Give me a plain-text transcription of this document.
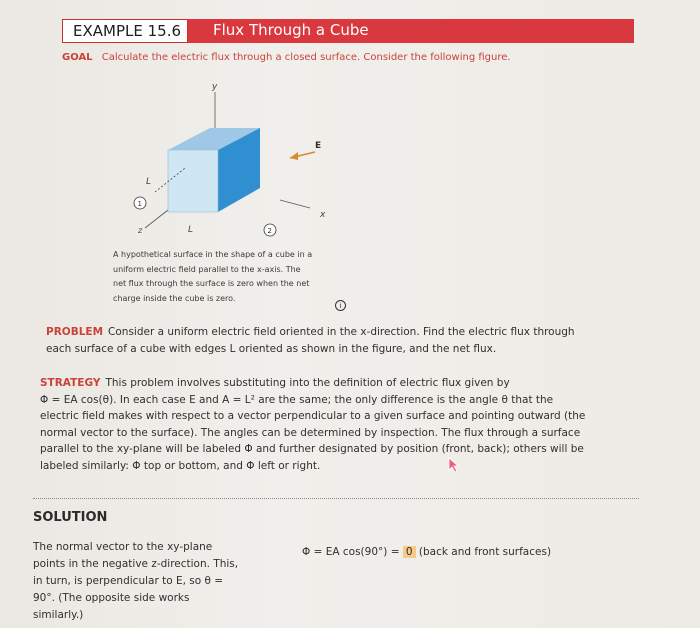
EXAMPLE 15.6 Flux Through a Cube
GOAL Calculate the electric flux through a closed surface. Consider the following figure.
y
z
x
L
L
E
1
2
A hypothetical surface in the shape of a cube in a
uniform electric field parallel to the x-axis. The
net flux through the surface is zero when the net
charge inside the cube is zero.
i
PROBLEM Consider a uniform electric field oriented in the x-direction. Find the electric flux through
each surface of a cube with edges L oriented as shown in the figure, and the net flux.
STRATEGY This problem involves substituting into the definition of electric flux given by
Φ = EA cos(θ). In each case E and A = L² are the same; the only difference is the angle θ that the
electric field makes with respect to a vector perpendicular to a given surface and pointing outward (the
normal vector to the surface). The angles can be determined by inspection. The flux through a surface
parallel to the xy-plane will be labeled Φ and further designated by position (front, back); others will be
labeled similarly: Φ top or bottom, and Φ left or right.
SOLUTION
The normal vector to the xy-plane
points in the negative z-direction. This,
in turn, is perpendicular to E, so θ =
90°. (The opposite side works
similarly.)
Φ = EA cos(90°) = 0 (back and front surfaces)
